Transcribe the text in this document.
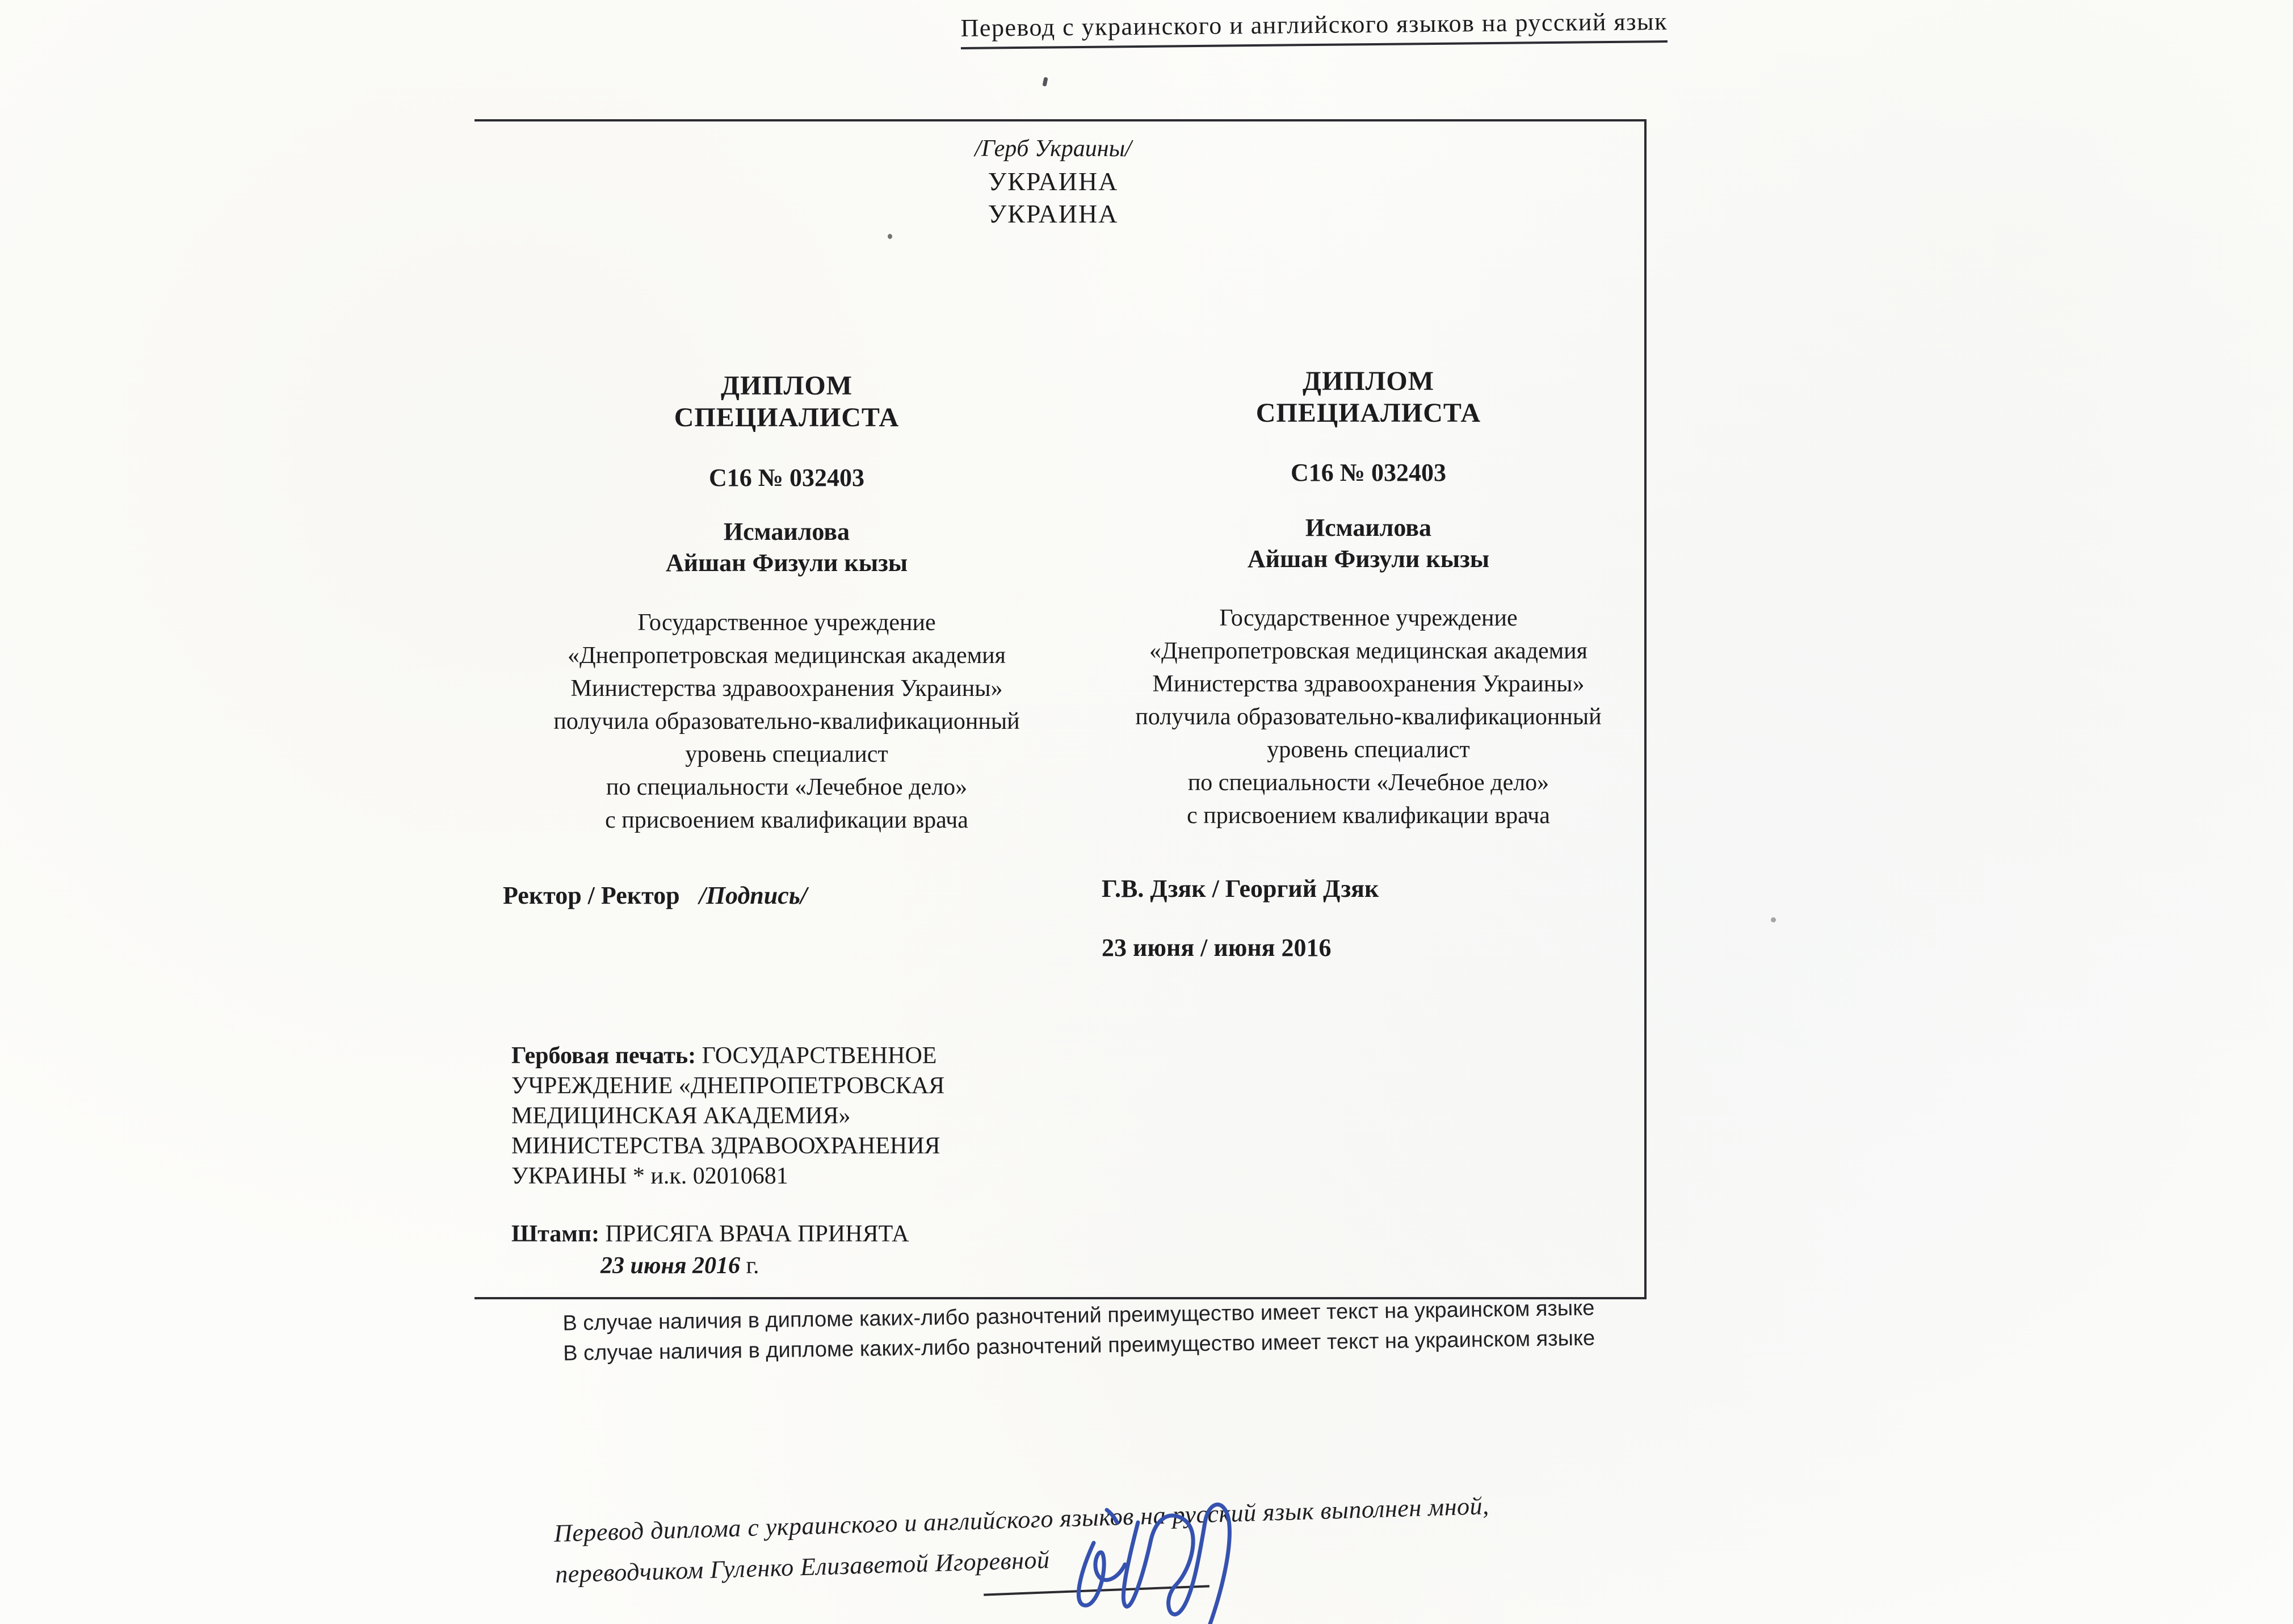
Перевод с украинского и английского языков на русский язык
/Герб Украины/
УКРАИНА
УКРАИНА
ДИПЛОМ
СПЕЦИАЛИСТА
С16 № 032403
Исмаилова
Айшан Физули кызы
Государственное учреждение
«Днепропетровская медицинская академия
Министерства здравоохранения Украины»
получила образовательно-квалификационный
уровень специалист
по специальности «Лечебное дело»
с присвоением квалификации врача
Ректор / Ректор /Подпись/
Гербовая печать: ГОСУДАРСТВЕННОЕ УЧРЕЖДЕНИЕ «ДНЕПРОПЕТРОВСКАЯ МЕДИЦИНСКАЯ АКАДЕМИЯ» МИНИСТЕРСТВА ЗДРАВООХРАНЕНИЯ УКРАИНЫ * и.к. 02010681
Штамп: ПРИСЯГА ВРАЧА ПРИНЯТА
23 июня 2016 г.
ДИПЛОМ
СПЕЦИАЛИСТА
С16 № 032403
Исмаилова
Айшан Физули кызы
Государственное учреждение
«Днепропетровская медицинская академия
Министерства здравоохранения Украины»
получила образовательно-квалификационный
уровень специалист
по специальности «Лечебное дело»
с присвоением квалификации врача
Г.В. Дзяк / Георгий Дзяк
23 июня / июня 2016
В случае наличия в дипломе каких-либо разночтений преимущество имеет текст на украинском языке
В случае наличия в дипломе каких-либо разночтений преимущество имеет текст на украинском языке
Перевод диплома с украинского и английского языков на русский язык выполнен мной,
переводчиком Гуленко Елизаветой Игоревной
